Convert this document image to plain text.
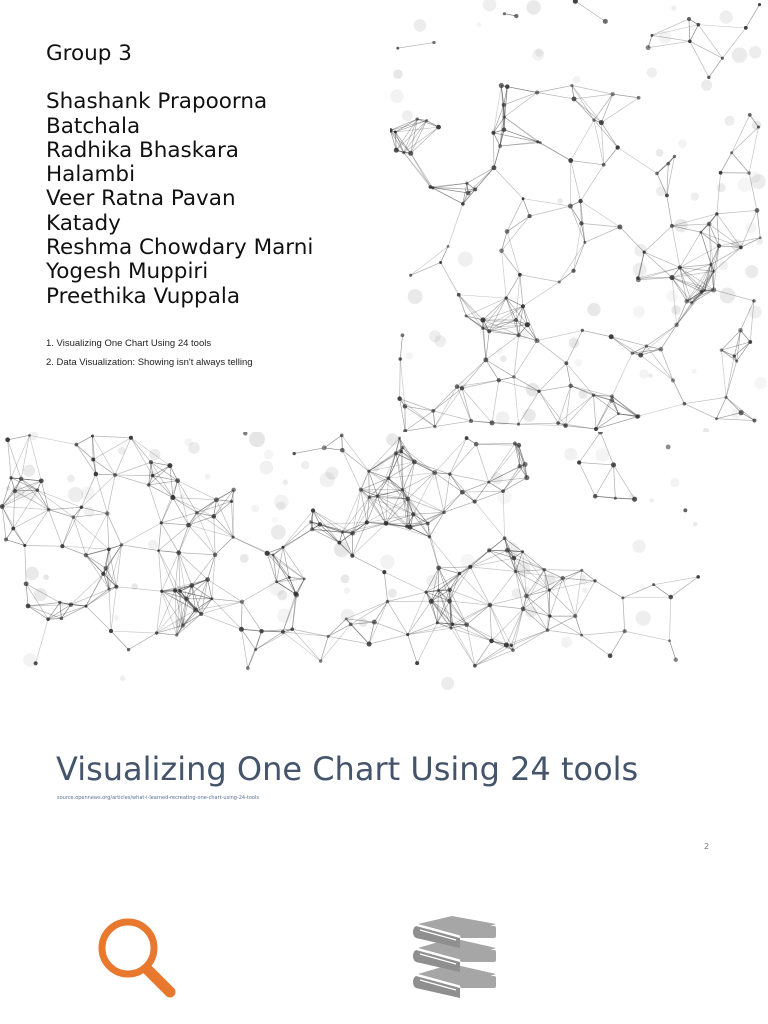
Group 3
Shashank Prapoorna
Batchala
Radhika Bhaskara
Halambi
Veer Ratna Pavan
Katady
Reshma Chowdary Marni
Yogesh Muppiri
Preethika Vuppala
1. Visualizing One Chart Using 24 tools
2. Data Visualization: Showing isn't always telling
Visualizing One Chart Using 24 tools
source.opennews.org/articles/what-i-learned-recreating-one-chart-using-24-tools
2
